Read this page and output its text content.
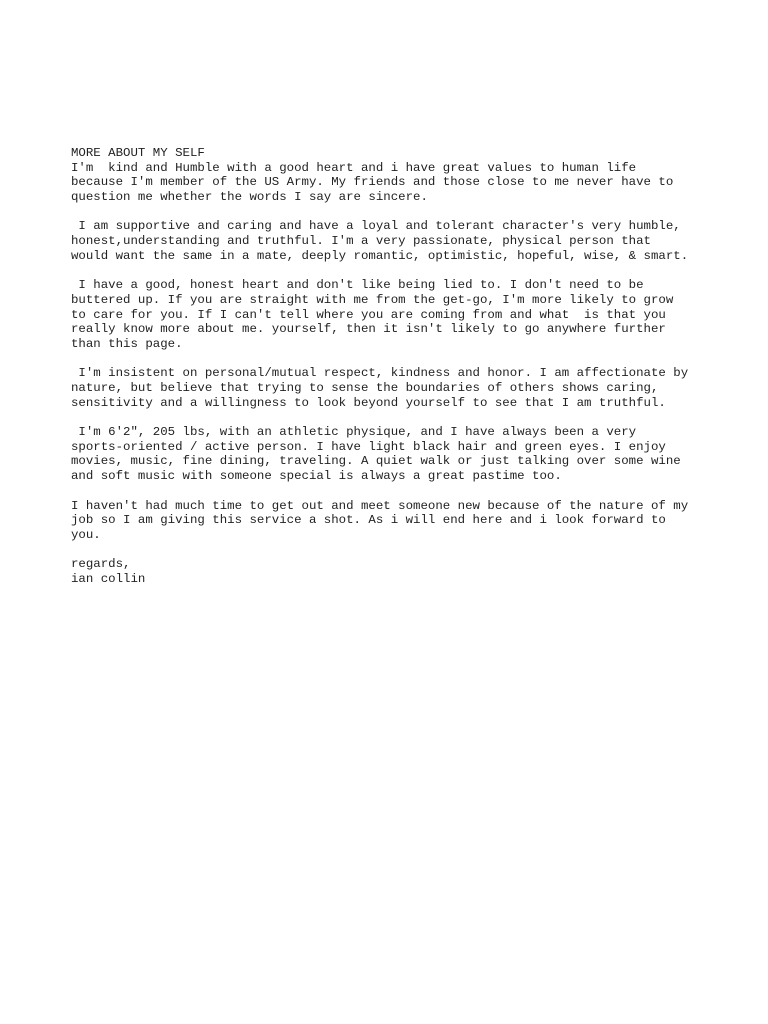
MORE ABOUT MY SELF
I'm  kind and Humble with a good heart and i have great values to human life
because I'm member of the US Army. My friends and those close to me never have to
question me whether the words I say are sincere.
I am supportive and caring and have a loyal and tolerant character's very humble,
honest,understanding and truthful. I'm a very passionate, physical person that
would want the same in a mate, deeply romantic, optimistic, hopeful, wise, & smart.
I have a good, honest heart and don't like being lied to. I don't need to be
buttered up. If you are straight with me from the get-go, I'm more likely to grow
to care for you. If I can't tell where you are coming from and what  is that you
really know more about me. yourself, then it isn't likely to go anywhere further
than this page.
I'm insistent on personal/mutual respect, kindness and honor. I am affectionate by
nature, but believe that trying to sense the boundaries of others shows caring,
sensitivity and a willingness to look beyond yourself to see that I am truthful.
I'm 6'2", 205 lbs, with an athletic physique, and I have always been a very
sports-oriented / active person. I have light black hair and green eyes. I enjoy
movies, music, fine dining, traveling. A quiet walk or just talking over some wine
and soft music with someone special is always a great pastime too.
I haven't had much time to get out and meet someone new because of the nature of my
job so I am giving this service a shot. As i will end here and i look forward to
you.
regards,
ian collin
